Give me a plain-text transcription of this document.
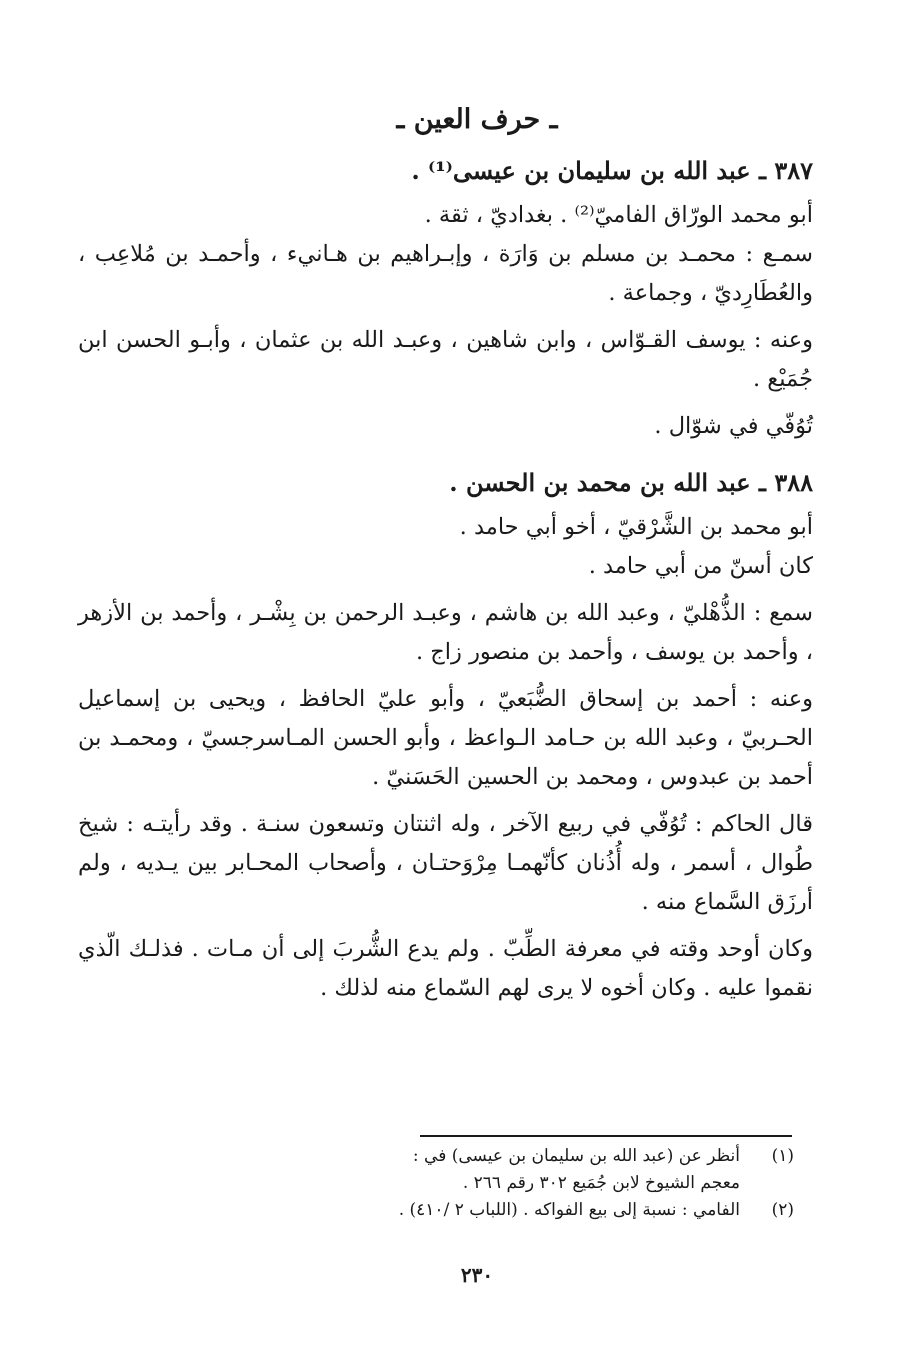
ـ حرف العين ـ

٣٨٧ ـ عبد الله بن سليمان بن عيسى⁽¹⁾ .

أبو محمد الورّاق الفاميّ⁽²⁾ . بغداديّ ، ثقة .

سمـع : محمـد بن مسلم بن وَارَة ، وإبـراهيم بن هـانيء ، وأحمـد بن مُلاعِب ، والعُطَارِديّ ، وجماعة .

وعنه : يوسف القـوّاس ، وابن شاهين ، وعبـد الله بن عثمان ، وأبـو الحسن ابن جُمَيْع .

تُوُفّي في شوّال .

٣٨٨ ـ عبد الله بن محمد بن الحسن .

أبو محمد بن الشَّرْقيّ ، أخو أبي حامد .

كان أسنّ من أبي حامد .

سمع : الذُّهْليّ ، وعبد الله بن هاشم ، وعبـد الرحمن بن بِشْـر ، وأحمد بن الأزهر ، وأحمد بن يوسف ، وأحمد بن منصور زاج .

وعنه : أحمد بن إسحاق الضُّبَعيّ ، وأبو عليّ الحافظ ، ويحيى بن إسماعيل الحـربيّ ، وعبد الله بن حـامد الـواعظ ، وأبو الحسن المـاسرجسيّ ، ومحمـد بن أحمد بن عبدوس ، ومحمد بن الحسين الحَسَنيّ .

قال الحاكم : تُوُفّي في ربيع الآخر ، وله اثنتان وتسعون سنـة . وقد رأيتـه : شيخ طُوال ، أسمر ، وله أُذُنان كأنّهمـا مِرْوَحتـان ، وأصحاب المحـابر بين يـديه ، ولم أرزَق السَّماع منه .

وكان أوحد وقته في معرفة الطِّبّ . ولم يدع الشُّربَ إلى أن مـات . فذلـك الّذي نقموا عليه . وكان أخوه لا يرى لهم السّماع منه لذلك .

(١)
أنظر عن (عبد الله بن سليمان بن عيسى) في :
معجم الشيوخ لابن جُمَيع ٣٠٢ رقم ٢٦٦ .
(٢)
الفامي : نسبة إلى بيع الفواكه . (اللباب ٢ /٤١٠) .
٢٣٠
